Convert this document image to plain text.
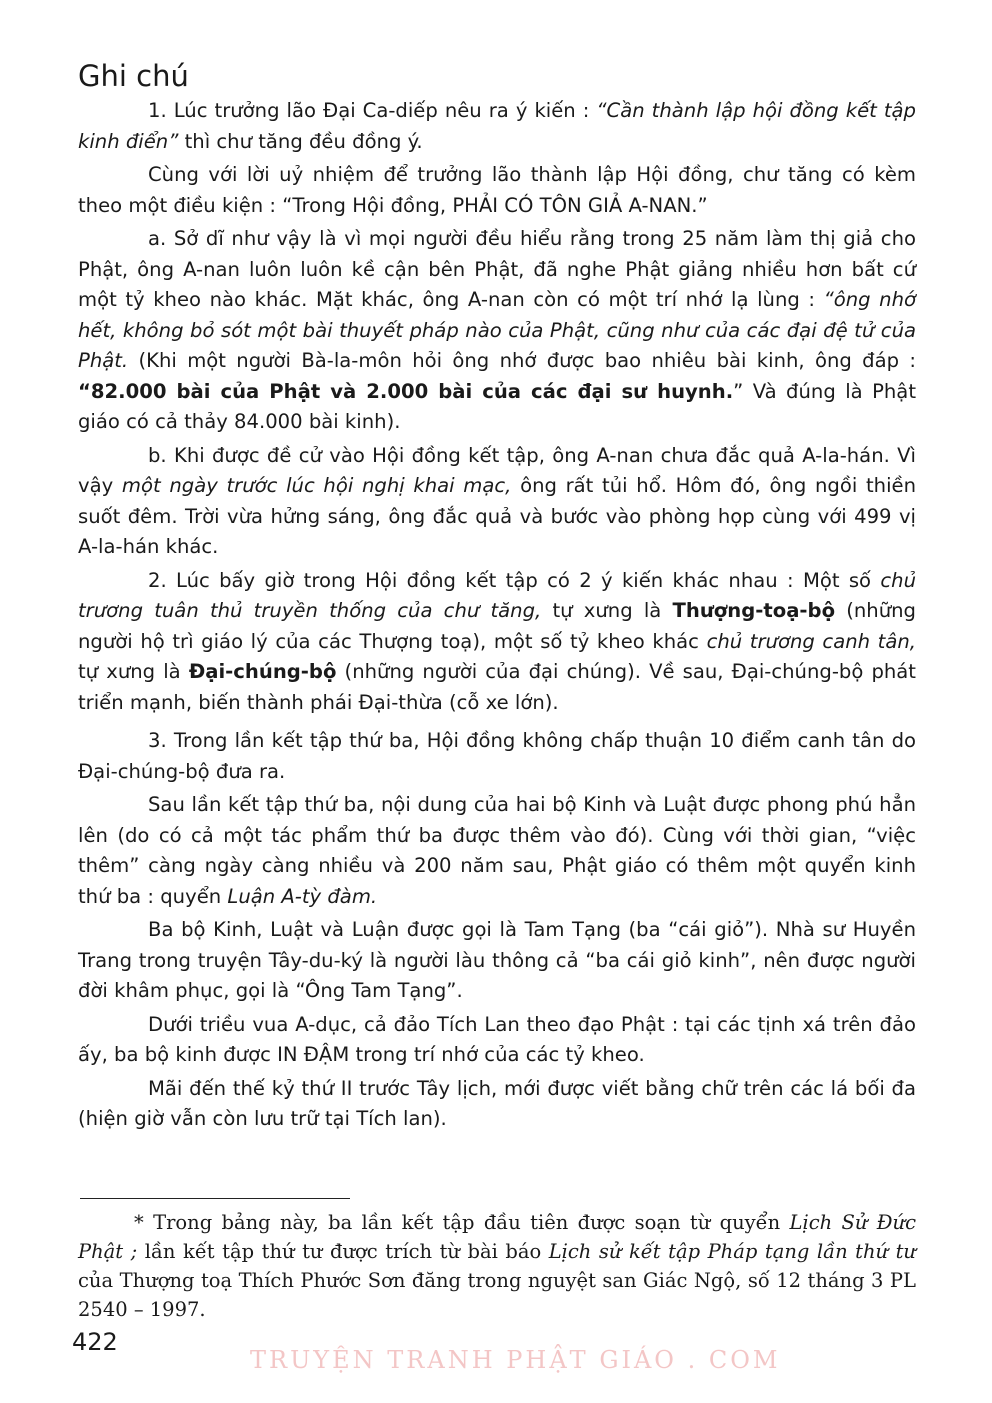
Ghi chú
1. Lúc trưởng lão Đại Ca-diếp nêu ra ý kiến : “Cần thành lập hội đồng kết tập kinh điển” thì chư tăng đều đồng ý.
Cùng với lời uỷ nhiệm để trưởng lão thành lập Hội đồng, chư tăng có kèm theo một điều kiện : “Trong Hội đồng, PHẢI CÓ TÔN GIẢ A-NAN.”
a. Sở dĩ như vậy là vì mọi người đều hiểu rằng trong 25 năm làm thị giả cho Phật, ông A-nan luôn luôn kề cận bên Phật, đã nghe Phật giảng nhiều hơn bất cứ một tỷ kheo nào khác. Mặt khác, ông A-nan còn có một trí nhớ lạ lùng : “ông nhớ hết, không bỏ sót một bài thuyết pháp nào của Phật, cũng như của các đại đệ tử của Phật. (Khi một người Bà-la-môn hỏi ông nhớ được bao nhiêu bài kinh, ông đáp : “82.000 bài của Phật và 2.000 bài của các đại sư huynh.” Và đúng là Phật giáo có cả thảy 84.000 bài kinh).
b. Khi được đề cử vào Hội đồng kết tập, ông A-nan chưa đắc quả A-la-hán. Vì vậy một ngày trước lúc hội nghị khai mạc, ông rất tủi hổ. Hôm đó, ông ngồi thiền suốt đêm. Trời vừa hửng sáng, ông đắc quả và bước vào phòng họp cùng với 499 vị A-la-hán khác.
2. Lúc bấy giờ trong Hội đồng kết tập có 2 ý kiến khác nhau : Một số chủ trương tuân thủ truyền thống của chư tăng, tự xưng là Thượng-toạ-bộ (những người hộ trì giáo lý của các Thượng toạ), một số tỷ kheo khác chủ trương canh tân, tự xưng là Đại-chúng-bộ (những người của đại chúng). Về sau, Đại-chúng-bộ phát triển mạnh, biến thành phái Đại-thừa (cỗ xe lớn).
3. Trong lần kết tập thứ ba, Hội đồng không chấp thuận 10 điểm canh tân do Đại-chúng-bộ đưa ra.
Sau lần kết tập thứ ba, nội dung của hai bộ Kinh và Luật được phong phú hẳn lên (do có cả một tác phẩm thứ ba được thêm vào đó). Cùng với thời gian, “việc thêm” càng ngày càng nhiều và 200 năm sau, Phật giáo có thêm một quyển kinh thứ ba : quyển Luận A-tỳ đàm.
Ba bộ Kinh, Luật và Luận được gọi là Tam Tạng (ba “cái giỏ”). Nhà sư Huyền Trang trong truyện Tây-du-ký là người làu thông cả “ba cái giỏ kinh”, nên được người đời khâm phục, gọi là “Ông Tam Tạng”.
Dưới triều vua A-dục, cả đảo Tích Lan theo đạo Phật : tại các tịnh xá trên đảo ấy, ba bộ kinh được IN ĐẬM trong trí nhớ của các tỷ kheo.
Mãi đến thế kỷ thứ II trước Tây lịch, mới được viết bằng chữ trên các lá bối đa (hiện giờ vẫn còn lưu trữ tại Tích lan).
* Trong bảng này, ba lần kết tập đầu tiên được soạn từ quyển Lịch Sử Đức Phật ; lần kết tập thứ tư được trích từ bài báo Lịch sử kết tập Pháp tạng lần thứ tư của Thượng toạ Thích Phước Sơn đăng trong nguyệt san Giác Ngộ, số 12 tháng 3 PL 2540 – 1997.
422
TRUYỆN TRANH PHẬT GIÁO . COM
